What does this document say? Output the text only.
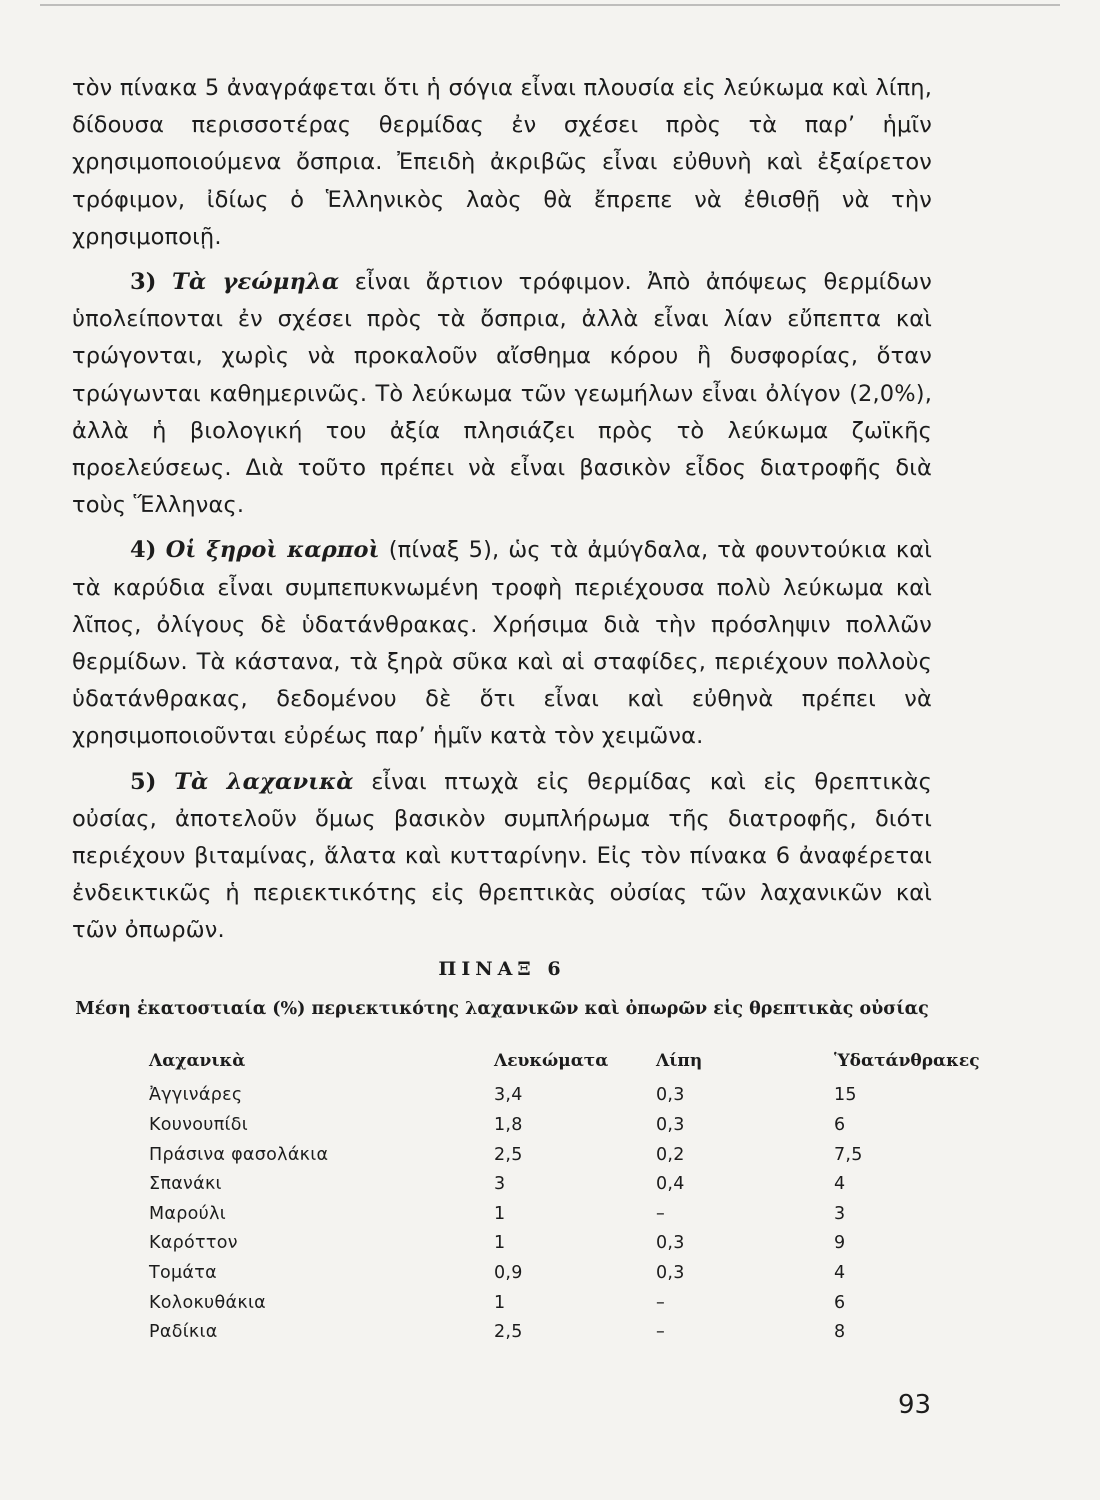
τὸν πίνακα 5 ἀναγράφεται ὅτι ἡ σόγια εἶναι πλουσία εἰς λεύκωμα καὶ λίπη, δίδουσα περισσοτέρας θερμίδας ἐν σχέσει πρὸς τὰ παρ’ ἡμῖν χρησιμοποιούμενα ὄσπρια. Ἐπειδὴ ἀκριβῶς εἶναι εὐθυνὴ καὶ ἐξαίρετον τρόφιμον, ἰδίως ὁ Ἑλληνικὸς λαὸς θὰ ἔπρεπε νὰ ἐθισθῇ νὰ τὴν χρησιμοποιῇ.

3) Τὰ γεώμηλα εἶναι ἄρτιον τρόφιμον. Ἀπὸ ἀπόψεως θερμίδων ὑπολείπονται ἐν σχέσει πρὸς τὰ ὄσπρια, ἀλλὰ εἶναι λίαν εὔπεπτα καὶ τρώγονται, χωρὶς νὰ προκαλοῦν αἴσθημα κόρου ἢ δυσφορίας, ὅταν τρώγωνται καθημερινῶς. Τὸ λεύκωμα τῶν γεωμήλων εἶναι ὀλίγον (2,0%), ἀλλὰ ἡ βιολογική του ἀξία πλησιάζει πρὸς τὸ λεύκωμα ζωϊκῆς προελεύσεως. Διὰ τοῦτο πρέπει νὰ εἶναι βασικὸν εἶδος διατροφῆς διὰ τοὺς Ἕλληνας.

4) Οἱ ξηροὶ καρποὶ (πίναξ 5), ὡς τὰ ἀμύγδαλα, τὰ φουντούκια καὶ τὰ καρύδια εἶναι συμπεπυκνωμένη τροφὴ περιέχουσα πολὺ λεύκωμα καὶ λῖπος, ὀλίγους δὲ ὑδατάνθρακας. Χρήσιμα διὰ τὴν πρόσληψιν πολλῶν θερμίδων. Τὰ κάστανα, τὰ ξηρὰ σῦκα καὶ αἱ σταφίδες, περιέχουν πολλοὺς ὑδατάνθρακας, δεδομένου δὲ ὅτι εἶναι καὶ εὐθηνὰ πρέπει νὰ χρησιμοποιοῦνται εὐρέως παρ’ ἡμῖν κατὰ τὸν χειμῶνα.

5) Τὰ λαχανικὰ εἶναι πτωχὰ εἰς θερμίδας καὶ εἰς θρεπτικὰς οὐσίας, ἀποτελοῦν ὅμως βασικὸν συμπλήρωμα τῆς διατροφῆς, διότι περιέχουν βιταμίνας, ἅλατα καὶ κυτταρίνην. Εἰς τὸν πίνακα 6 ἀναφέρεται ἐνδεικτικῶς ἡ περιεκτικότης εἰς θρεπτικὰς οὐσίας τῶν λαχανικῶν καὶ τῶν ὀπωρῶν.

ΠΙΝΑΞ 6
Μέση ἑκατοστιαία (%) περιεκτικότης λαχανικῶν καὶ ὀπωρῶν εἰς θρεπτικὰς οὐσίας
Λαχανικὰ	Λευκώματα	Λίπη	Ὑδατάνθρακες
Ἀγγινάρες	3,4	0,3	15
Κουνουπίδι	1,8	0,3	6
Πράσινα φασολάκια	2,5	0,2	7,5
Σπανάκι	3	0,4	4
Μαρούλι	1	–	3
Καρόττον	1	0,3	9
Τομάτα	0,9	0,3	4
Κολοκυθάκια	1	–	6
Ραδίκια	2,5	–	8
93
